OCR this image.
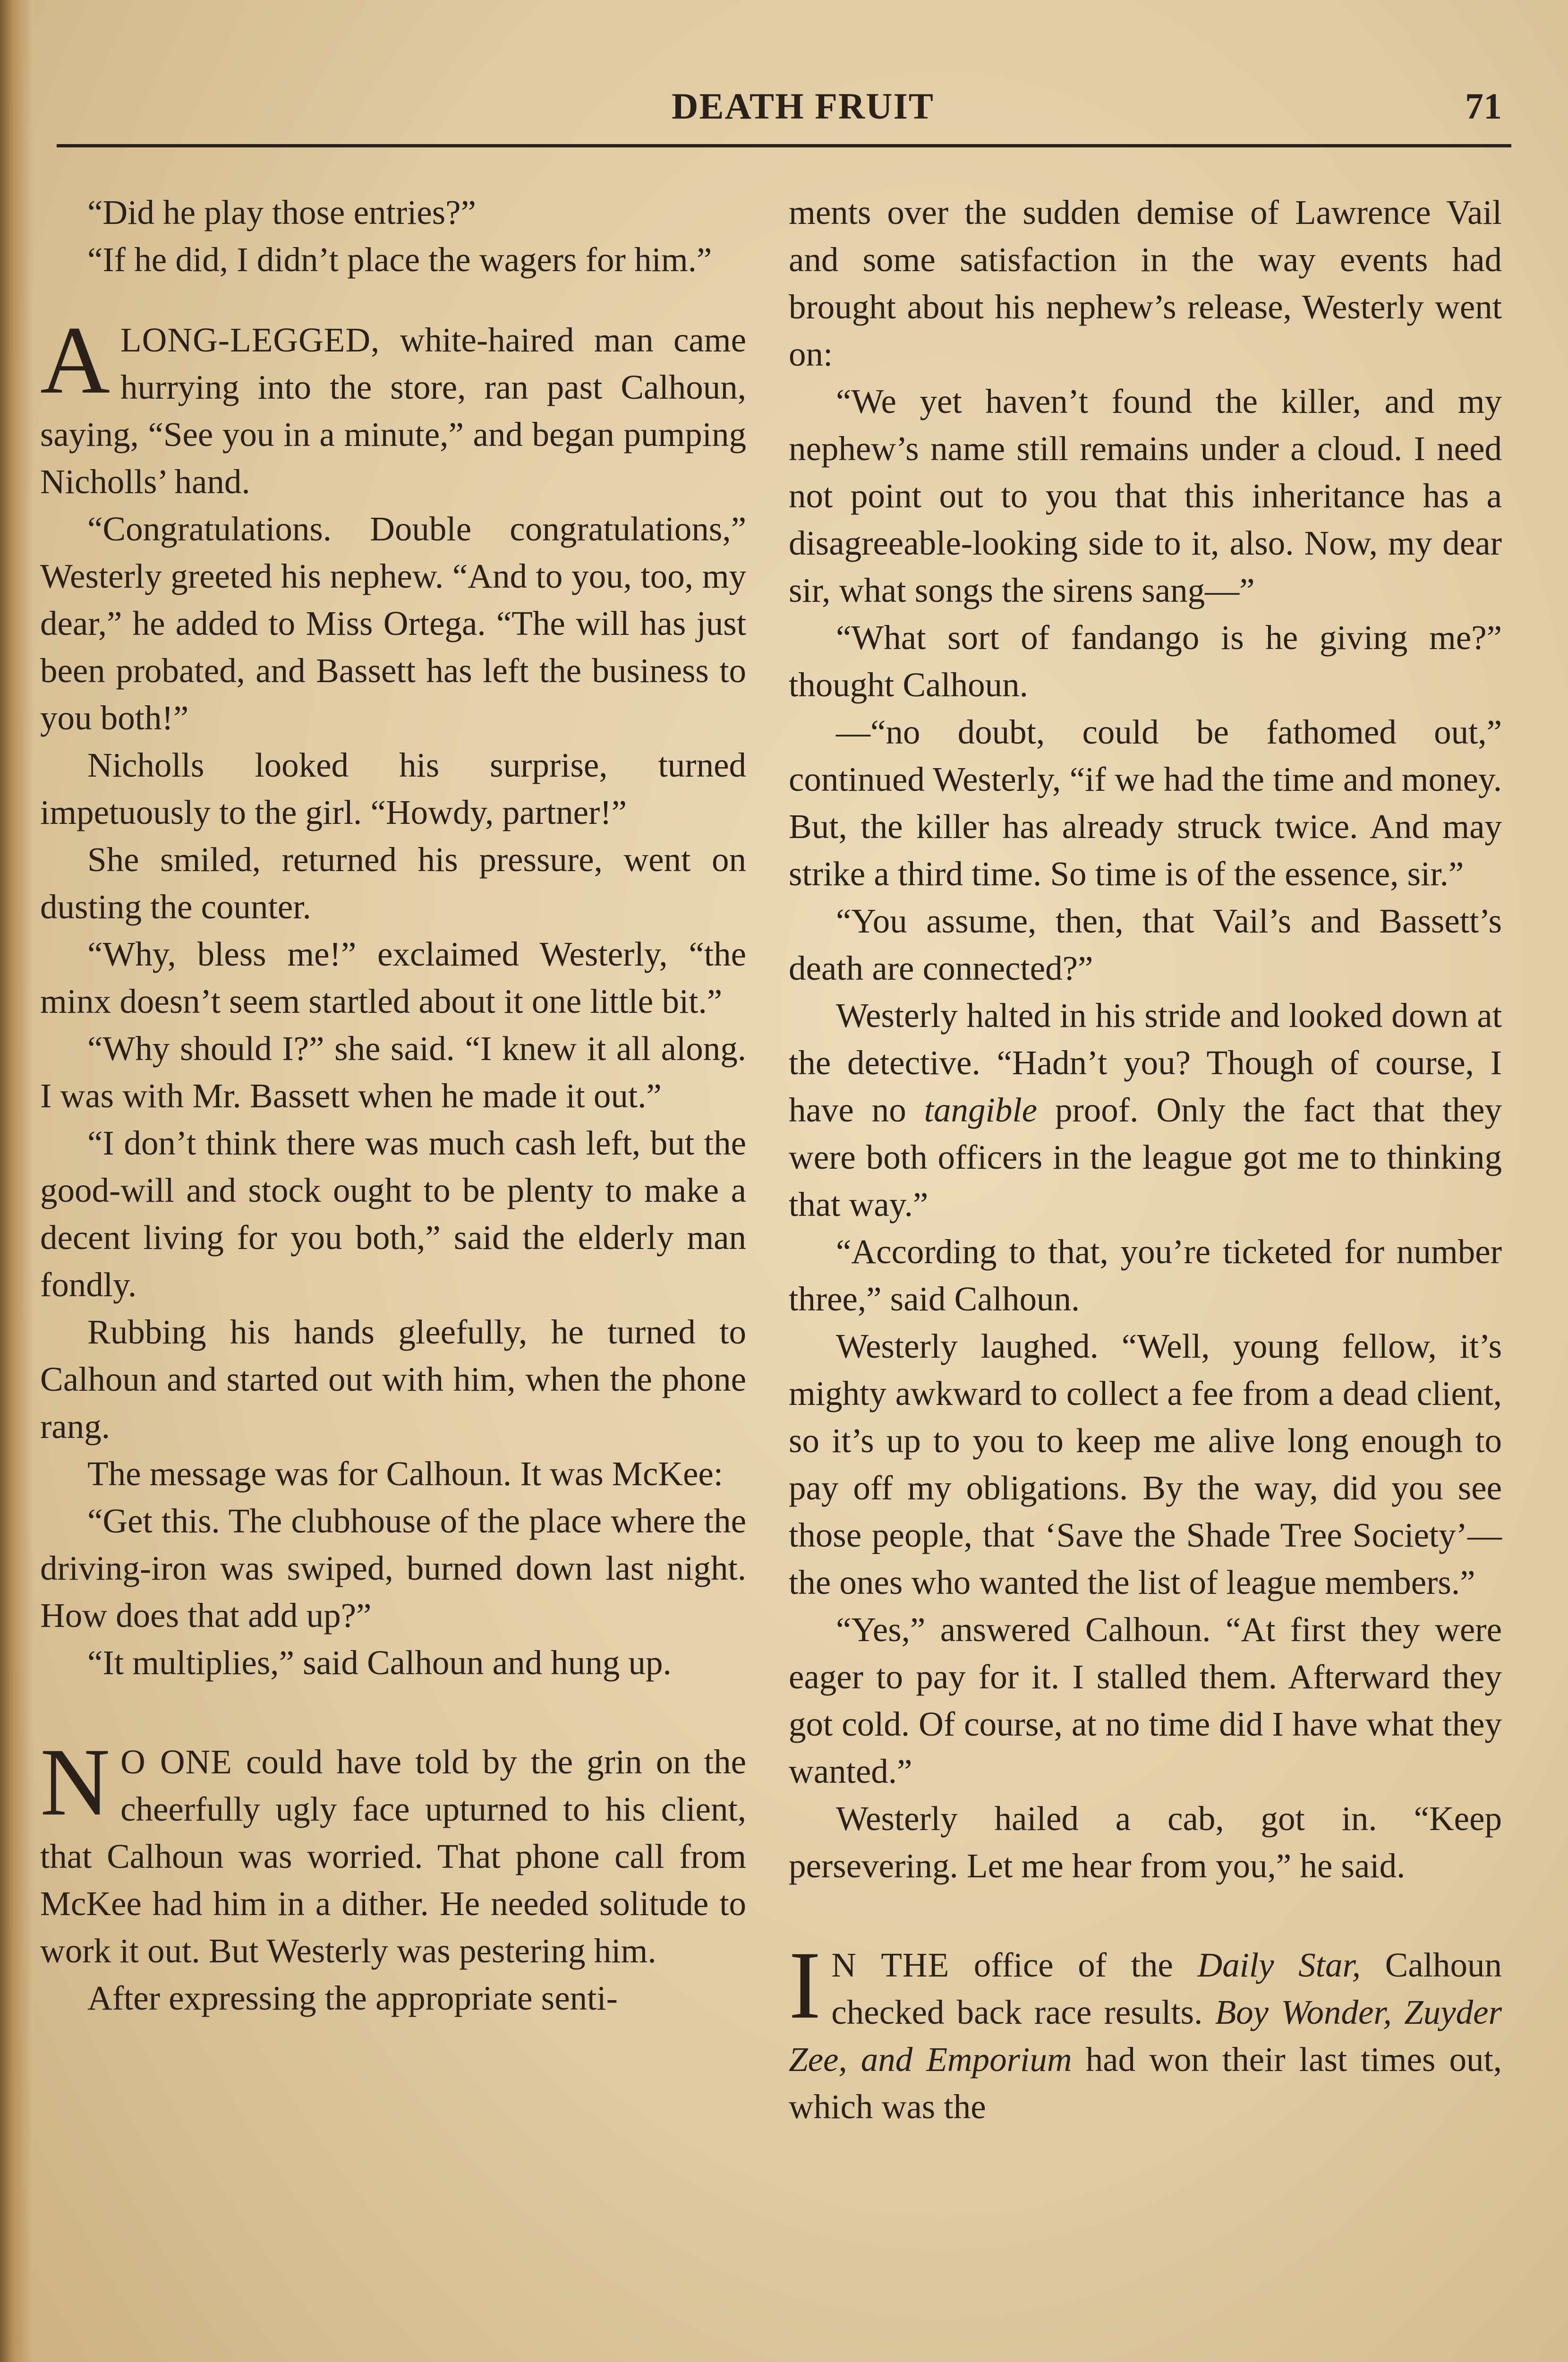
DEATH FRUIT	71

“Did he play those entries?”

“If he did, I didn’t place the wagers for him.”

ALONG-LEGGED, white-haired man came hurrying into the store, ran past Calhoun, saying, “See you in a minute,” and began pumping Nicholls’ hand.

“Congratulations. Double congratulations,” Westerly greeted his nephew. “And to you, too, my dear,” he added to Miss Ortega. “The will has just been probated, and Bassett has left the business to you both!”

Nicholls looked his surprise, turned impetuously to the girl. “Howdy, partner!”

She smiled, returned his pressure, went on dusting the counter.

“Why, bless me!” exclaimed Westerly, “the minx doesn’t seem startled about it one little bit.”

“Why should I?” she said. “I knew it all along. I was with Mr. Bassett when he made it out.”

“I don’t think there was much cash left, but the good-will and stock ought to be plenty to make a decent living for you both,” said the elderly man fondly.

Rubbing his hands gleefully, he turned to Calhoun and started out with him, when the phone rang.

The message was for Calhoun. It was McKee:

“Get this. The clubhouse of the place where the driving-iron was swiped, burned down last night. How does that add up?”

“It multiplies,” said Calhoun and hung up.

N O ONE could have told by the grin on the cheerfully ugly face upturned to his client, that Calhoun was worried. That phone call from McKee had him in a dither. He needed solitude to work it out. But Westerly was pestering him.

After expressing the appropriate senti-

ments over the sudden demise of Lawrence Vail and some satisfaction in the way events had brought about his nephew’s release, Westerly went on:

“We yet haven’t found the killer, and my nephew’s name still remains under a cloud. I need not point out to you that this inheritance has a disagreeable-looking side to it, also. Now, my dear sir, what songs the sirens sang—”

“What sort of fandango is he giving me?” thought Calhoun.

—“no doubt, could be fathomed out,” continued Westerly, “if we had the time and money. But, the killer has already struck twice. And may strike a third time. So time is of the essence, sir.”

“You assume, then, that Vail’s and Bassett’s death are connected?”

Westerly halted in his stride and looked down at the detective. “Hadn’t you? Though of course, I have no tangible proof. Only the fact that they were both officers in the league got me to thinking that way.”

“According to that, you’re ticketed for number three,” said Calhoun.

Westerly laughed. “Well, young fellow, it’s mighty awkward to collect a fee from a dead client, so it’s up to you to keep me alive long enough to pay off my obligations. By the way, did you see those people, that ‘Save the Shade Tree Society’—the ones who wanted the list of league members.”

“Yes,” answered Calhoun. “At first they were eager to pay for it. I stalled them. Afterward they got cold. Of course, at no time did I have what they wanted.”

Westerly hailed a cab, got in. “Keep persevering. Let me hear from you,” he said.

I N THE office of the Daily Star, Calhoun checked back race results. Boy Wonder, Zuyder Zee, and Emporium had won their last times out, which was the
